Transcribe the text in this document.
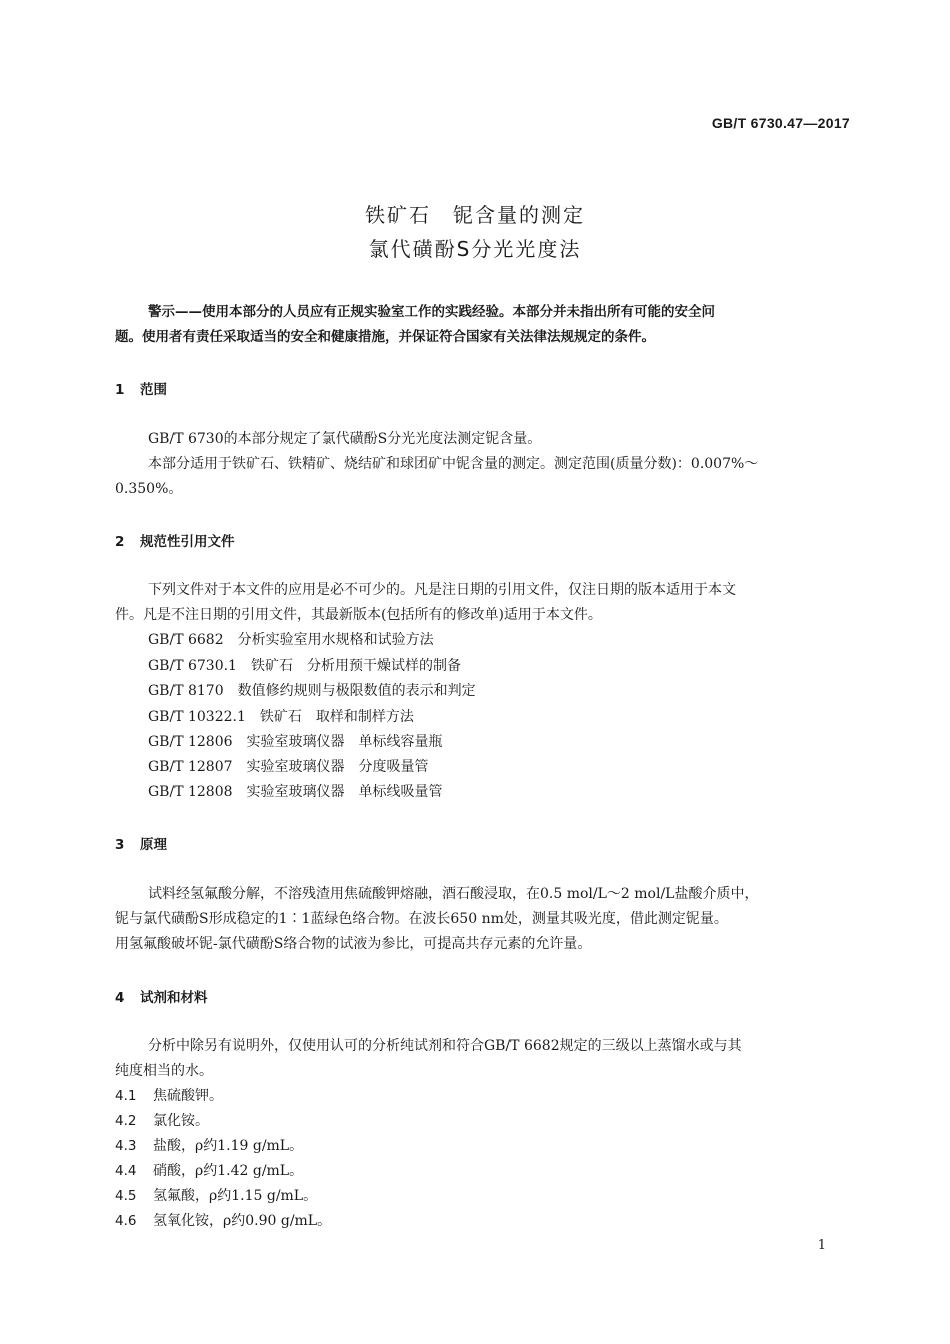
GB/T 6730.47—2017
铁矿石　铌含量的测定
氯代磺酚S分光光度法
警示——使用本部分的人员应有正规实验室工作的实践经验。本部分并未指出所有可能的安全问
题。使用者有责任采取适当的安全和健康措施，并保证符合国家有关法律法规规定的条件。
1 范围
GB/T 6730的本部分规定了氯代磺酚S分光光度法测定铌含量。
本部分适用于铁矿石、铁精矿、烧结矿和球团矿中铌含量的测定。测定范围(质量分数)：0.007%～
0.350%。
2 规范性引用文件
下列文件对于本文件的应用是必不可少的。凡是注日期的引用文件，仅注日期的版本适用于本文
件。凡是不注日期的引用文件，其最新版本(包括所有的修改单)适用于本文件。
GB/T 6682 分析实验室用水规格和试验方法
GB/T 6730.1 铁矿石　分析用预干燥试样的制备
GB/T 8170 数值修约规则与极限数值的表示和判定
GB/T 10322.1 铁矿石　取样和制样方法
GB/T 12806 实验室玻璃仪器　单标线容量瓶
GB/T 12807 实验室玻璃仪器　分度吸量管
GB/T 12808 实验室玻璃仪器　单标线吸量管
3 原理
试料经氢氟酸分解，不溶残渣用焦硫酸钾熔融，酒石酸浸取，在0.5 mol/L～2 mol/L盐酸介质中，
铌与氯代磺酚S形成稳定的1∶1蓝绿色络合物。在波长650 nm处，测量其吸光度，借此测定铌量。
用氢氟酸破坏铌-氯代磺酚S络合物的试液为参比，可提高共存元素的允许量。
4 试剂和材料
分析中除另有说明外，仅使用认可的分析纯试剂和符合GB/T 6682规定的三级以上蒸馏水或与其
纯度相当的水。
4.1 焦硫酸钾。
4.2 氯化铵。
4.3 盐酸，ρ约1.19 g/mL。
4.4 硝酸，ρ约1.42 g/mL。
4.5 氢氟酸，ρ约1.15 g/mL。
4.6 氢氧化铵，ρ约0.90 g/mL。
1
